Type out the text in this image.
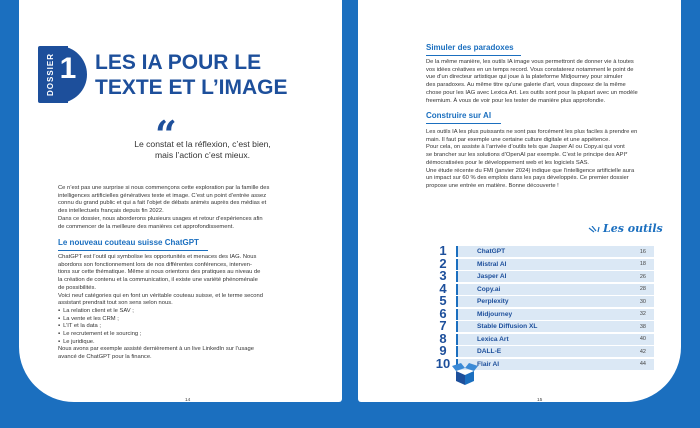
DOSSIER 1 LES IA POUR LE
TEXTE ET L’IMAGE
“
Le constat et la réflexion, c’est bien,
mais l’action c’est mieux.
Ce n’est pas une surprise si nous commençons cette exploration par la famille des
intelligences artificielles génératives texte et image. C’est un point d’entrée assez
connu du grand public et qui a fait l’objet de débats animés auprès des médias et
des intellectuels français depuis fin 2022.
Dans ce dossier, nous aborderons plusieurs usages et retour d’expériences afin
de commencer de la meilleure des manières cet approfondissement.
Le nouveau couteau suisse ChatGPT
ChatGPT est l’outil qui symbolise les opportunités et menaces des IAG. Nous
abordons son fonctionnement lors de nos différentes conférences, interven-
tions sur cette thématique. Même si nous orientons des pratiques au niveau de
la création de contenu et la communication, il existe une variété phénoménale
de possibilités.
Voici neuf catégories qui en font un véritable couteau suisse, et le terme second
assistant prendrait tout son sens selon nous.
▪ La relation client et le SAV ;
▪ La vente et les CRM ;
▪ L’IT et la data ;
▪ Le recrutement et le sourcing ;
▪ Le juridique.
Nous avons par exemple assisté dernièrement à un live LinkedIn sur l’usage
avancé de ChatGPT pour la finance.
14
Simuler des paradoxes
De la même manière, les outils IA image vous permettront de donner vie à toutes
vos idées créatives en un temps record. Vous constaterez notamment le point de
vue d’un directeur artistique qui joue à la plateforme Midjourney pour simuler
des paradoxes. Au même titre qu’une galerie d’art, vous disposez de la même
chose pour les IAG avec Lexica Art. Les outils sont pour la plupart avec un modèle
freemium. À vous de voir pour les tester de manière plus approfondie.
Construire sur AI
Les outils IA les plus puissants ne sont pas forcément les plus faciles à prendre en
main. Il faut par exemple une certaine culture digitale et une appétence.
Pour cela, on assiste à l’arrivée d’outils tels que Jasper AI ou Copy.ai qui vont
se brancher sur les solutions d’OpenAI par exemple. C’est le principe des API*
démocratisées pour le développement web et les logiciels SAS.
Une étude récente du FMI (janvier 2024) indique que l’intelligence artificielle aura
un impact sur 60 % des emplois dans les pays développés. Ce premier dossier
propose une entrée en matière. Bonne découverte !
Les outils
1	ChatGPT	16
2	Mistral AI	18
3	Jasper AI	26
4	Copy.ai	28
5	Perplexity	30
6	Midjourney	32
7	Stable Diffusion XL	38
8	Lexica Art	40
9	DALL-E	42
10	Flair AI	44
15
